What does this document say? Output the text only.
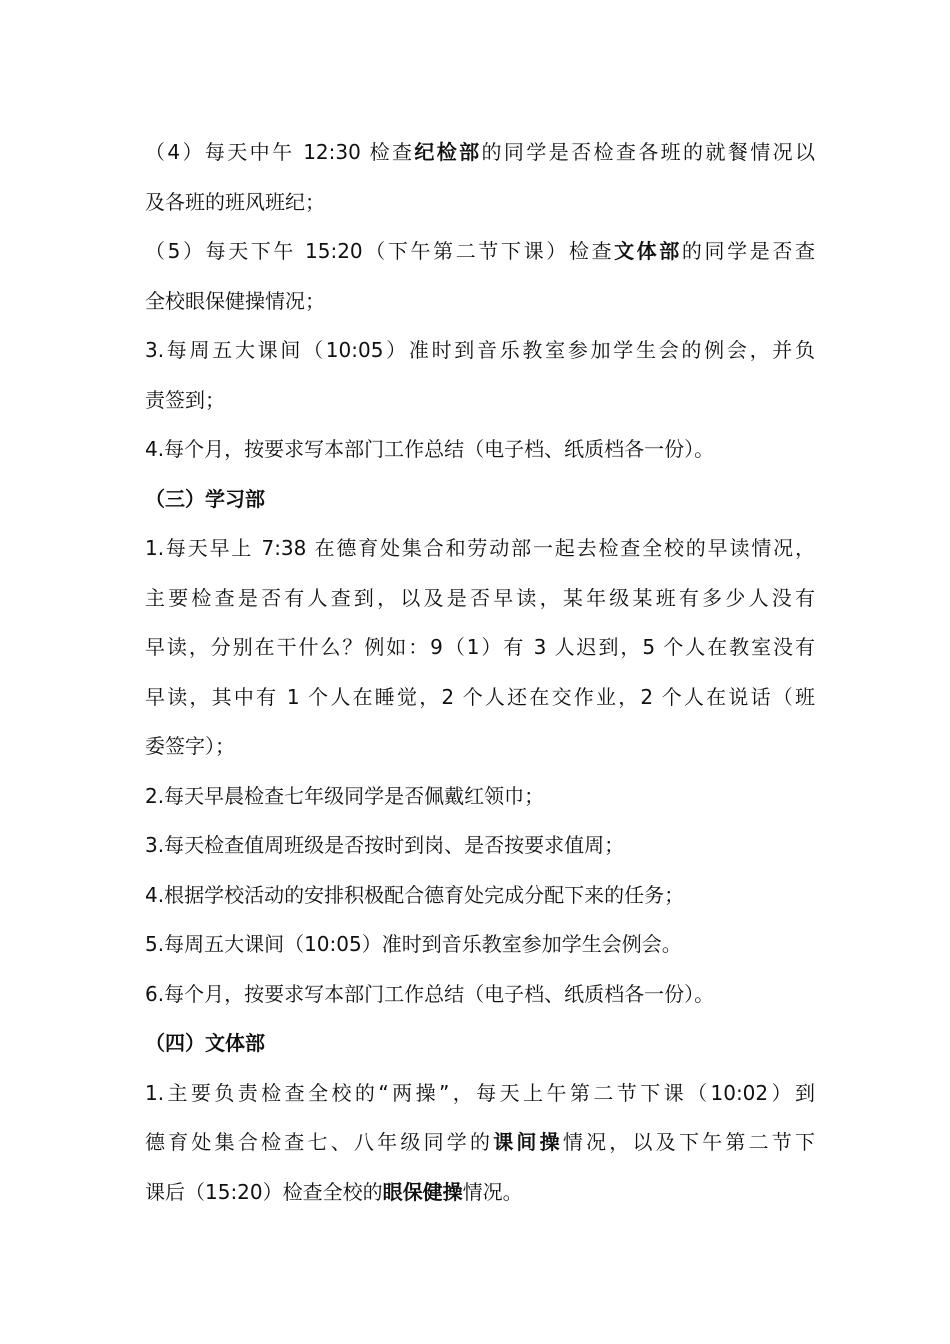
（4）每天中午 12:30 检查纪检部的同学是否检查各班的就餐情况以
及各班的班风班纪；
（5）每天下午 15:20（下午第二节下课）检查文体部的同学是否查
全校眼保健操情况；
3.每周五大课间（10:05）准时到音乐教室参加学生会的例会，并负
责签到；
4.每个月，按要求写本部门工作总结（电子档、纸质档各一份）。
（三）学习部
1.每天早上 7:38 在德育处集合和劳动部一起去检查全校的早读情况，
主要检查是否有人查到，以及是否早读，某年级某班有多少人没有
早读，分别在干什么？例如：9（1）有 3 人迟到，5 个人在教室没有
早读，其中有 1 个人在睡觉，2 个人还在交作业，2 个人在说话（班
委签字）；
2.每天早晨检查七年级同学是否佩戴红领巾；
3.每天检查值周班级是否按时到岗、是否按要求值周；
4.根据学校活动的安排积极配合德育处完成分配下来的任务；
5.每周五大课间（10:05）准时到音乐教室参加学生会例会。
6.每个月，按要求写本部门工作总结（电子档、纸质档各一份）。
（四）文体部
1.主要负责检查全校的“两操”，每天上午第二节下课（10:02）到
德育处集合检查七、八年级同学的课间操情况，以及下午第二节下
课后（15:20）检查全校的眼保健操情况。
